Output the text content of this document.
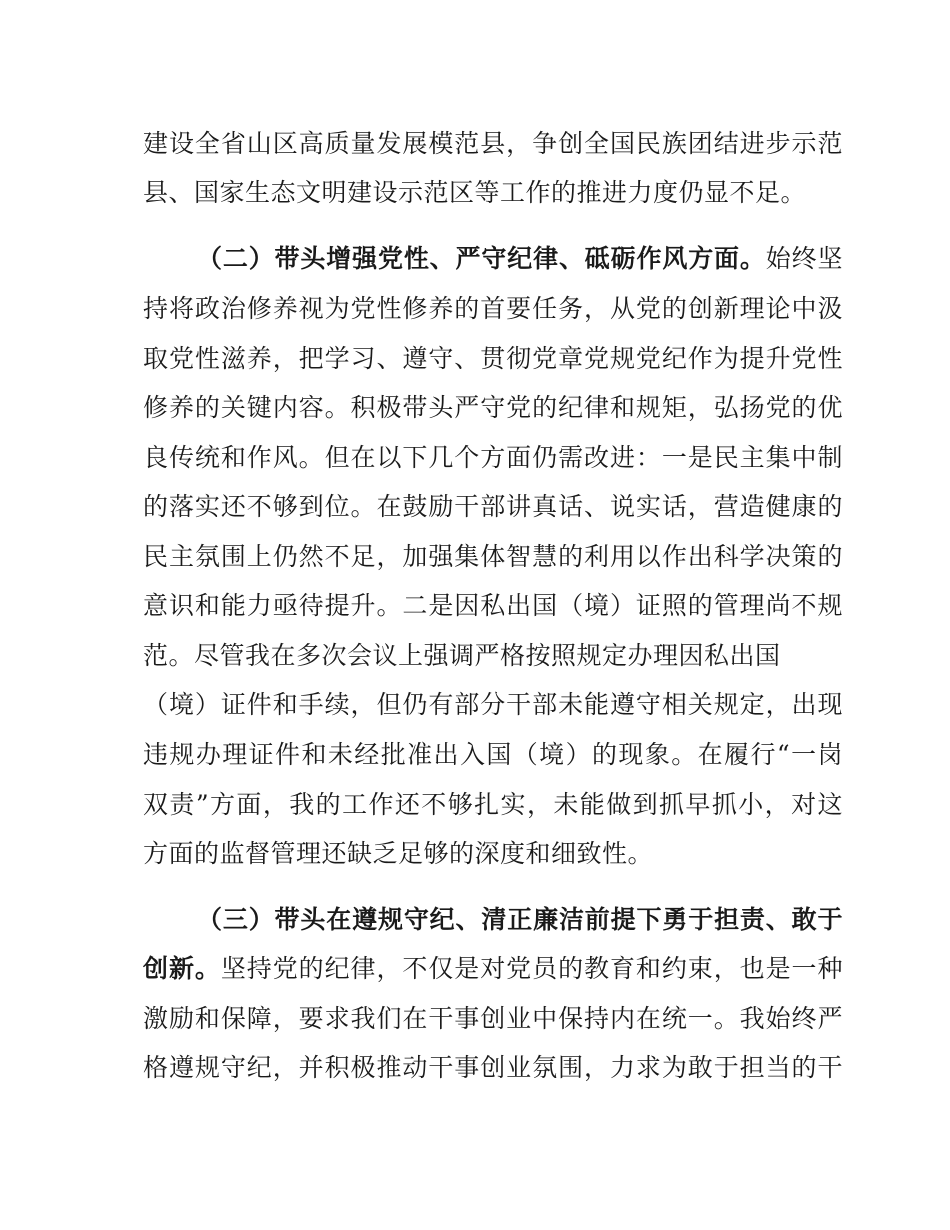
建设全省山区高质量发展模范县，争创全国民族团结进步示范
县、国家生态文明建设示范区等工作的推进力度仍显不足。
（二）带头增强党性、严守纪律、砥砺作风方面。始终坚
持将政治修养视为党性修养的首要任务，从党的创新理论中汲
取党性滋养，把学习、遵守、贯彻党章党规党纪作为提升党性
修养的关键内容。积极带头严守党的纪律和规矩，弘扬党的优
良传统和作风。但在以下几个方面仍需改进：一是民主集中制
的落实还不够到位。在鼓励干部讲真话、说实话，营造健康的
民主氛围上仍然不足，加强集体智慧的利用以作出科学决策的
意识和能力亟待提升。二是因私出国（境）证照的管理尚不规
范。尽管我在多次会议上强调严格按照规定办理因私出国
（境）证件和手续，但仍有部分干部未能遵守相关规定，出现
违规办理证件和未经批准出入国（境）的现象。在履行“一岗
双责”方面，我的工作还不够扎实，未能做到抓早抓小，对这
方面的监督管理还缺乏足够的深度和细致性。
（三）带头在遵规守纪、清正廉洁前提下勇于担责、敢于
创新。坚持党的纪律，不仅是对党员的教育和约束，也是一种
激励和保障，要求我们在干事创业中保持内在统一。我始终严
格遵规守纪，并积极推动干事创业氛围，力求为敢于担当的干
